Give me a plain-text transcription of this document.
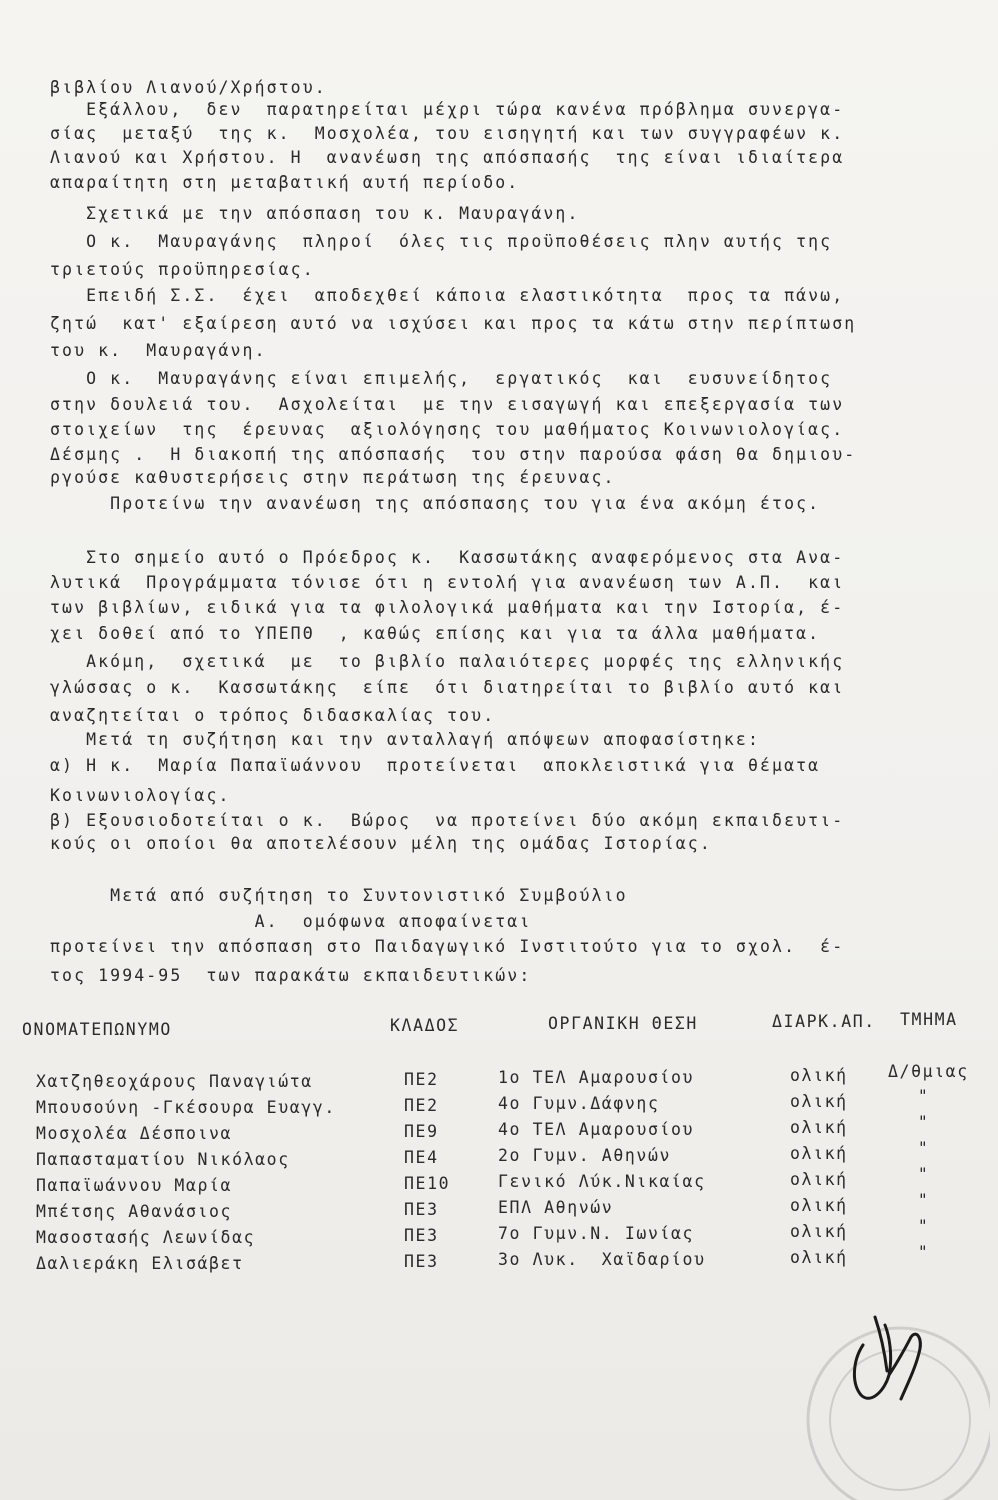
βιβλίου Λιανού/Χρήστου.
Εξάλλου,  δεν  παρατηρείται μέχρι τώρα κανένα πρόβλημα συνεργα-
σίας  μεταξύ  της κ.  Μοσχολέα, του εισηγητή και των συγγραφέων κ.
Λιανού και Χρήστου. Η  ανανέωση της απόσπασής  της είναι ιδιαίτερα
απαραίτητη στη μεταβατική αυτή περίοδο.
Σχετικά με την απόσπαση του κ. Μαυραγάνη.
Ο κ.  Μαυραγάνης  πληροί  όλες τις προϋποθέσεις πλην αυτής της
τριετούς προϋπηρεσίας.
Επειδή Σ.Σ.  έχει  αποδεχθεί κάποια ελαστικότητα  προς τα πάνω,
ζητώ  κατ' εξαίρεση αυτό να ισχύσει και προς τα κάτω στην περίπτωση
του κ.  Μαυραγάνη.
Ο κ.  Μαυραγάνης είναι επιμελής,  εργατικός  και  ευσυνείδητος
στην δουλειά του.  Ασχολείται  με την εισαγωγή και επεξεργασία των
στοιχείων  της  έρευνας  αξιολόγησης του μαθήματος Κοινωνιολογίας.
Δέσμης .  Η διακοπή της απόσπασής  του στην παρούσα φάση θα δημιου-
ργούσε καθυστερήσεις στην περάτωση της έρευνας.
Προτείνω την ανανέωση της απόσπασης του για ένα ακόμη έτος.
Στο σημείο αυτό ο Πρόεδρος κ.  Κασσωτάκης αναφερόμενος στα Ανα-
λυτικά  Προγράμματα τόνισε ότι η εντολή για ανανέωση των Α.Π.  και
των βιβλίων, ειδικά για τα φιλολογικά μαθήματα και την Ιστορία, έ-
χει δοθεί από το ΥΠΕΠΘ  , καθώς επίσης και για τα άλλα μαθήματα.
Ακόμη,  σχετικά  με  το βιβλίο παλαιότερες μορφές της ελληνικής
γλώσσας ο κ.  Κασσωτάκης  είπε  ότι διατηρείται το βιβλίο αυτό και
αναζητείται ο τρόπος διδασκαλίας του.
Μετά τη συζήτηση και την ανταλλαγή απόψεων αποφασίστηκε:
α) Η κ.  Μαρία Παπαϊωάννου  προτείνεται  αποκλειστικά για θέματα
Κοινωνιολογίας.
β) Εξουσιοδοτείται ο κ.  Βώρος  να προτείνει δύο ακόμη εκπαιδευτι-
κούς οι οποίοι θα αποτελέσουν μέλη της ομάδας Ιστορίας.
Μετά από συζήτηση το Συντονιστικό Συμβούλιο
Α.  ομόφωνα αποφαίνεται
προτείνει την απόσπαση στο Παιδαγωγικό Ινστιτούτο για το σχολ.  έ-
τος 1994-95  των παρακάτω εκπαιδευτικών:
ΟΝΟΜΑΤΕΠΩΝΥΜΟ	ΚΛΑΔΟΣ	ΟΡΓΑΝΙΚΗ ΘΕΣΗ	ΔΙΑΡΚ.ΑΠ. ΤΜΗΜΑ
Χατζηθεοχάρους Παναγιώτα	ΠΕ2	1ο ΤΕΛ Αμαρουσίου	ολική Δ/θμιας
Μπουσούνη -Γκέσουρα Ευαγγ.	ΠΕ2	4ο Γυμν.Δάφνης	ολική	"
Μοσχολέα Δέσποινα	ΠΕ9	4ο ΤΕΛ Αμαρουσίου	ολική	"
Παπασταματίου Νικόλαος	ΠΕ4	2ο Γυμν. Αθηνών	ολική	"
Παπαϊωάννου Μαρία	ΠΕ10	Γενικό Λύκ.Νικαίας	ολική	"
Μπέτσης Αθανάσιος	ΠΕ3	ΕΠΛ Αθηνών	ολική	"
Μασοστασής Λεωνίδας	ΠΕ3	7ο Γυμν.Ν. Ιωνίας	ολική	"
Δαλιεράκη Ελισάβετ	ΠΕ3	3ο Λυκ.  Χαϊδαρίου	ολική	"
